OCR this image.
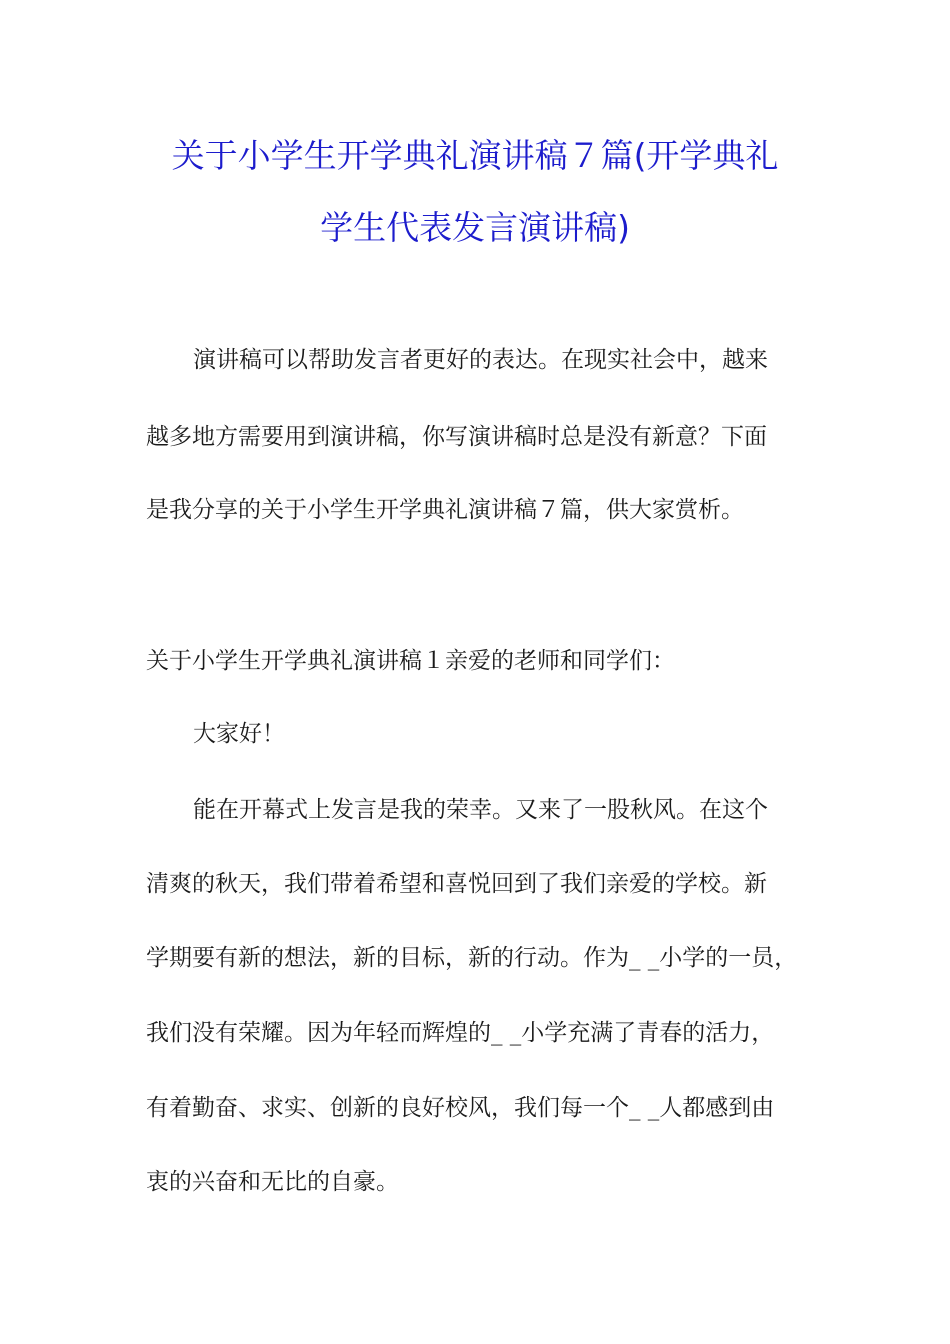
关于小学生开学典礼演讲稿７篇(开学典礼
学生代表发言演讲稿)

演讲稿可以帮助发言者更好的表达。在现实社会中，越来

越多地方需要用到演讲稿，你写演讲稿时总是没有新意？下面

是我分享的关于小学生开学典礼演讲稿７篇，供大家赏析。

关于小学生开学典礼演讲稿１亲爱的老师和同学们：

大家好！

能在开幕式上发言是我的荣幸。又来了一股秋风。在这个

清爽的秋天，我们带着希望和喜悦回到了我们亲爱的学校。新

学期要有新的想法，新的目标，新的行动。作为_ _小学的一员，

我们没有荣耀。因为年轻而辉煌的_ _小学充满了青春的活力，

有着勤奋、求实、创新的良好校风，我们每一个_ _人都感到由

衷的兴奋和无比的自豪。
